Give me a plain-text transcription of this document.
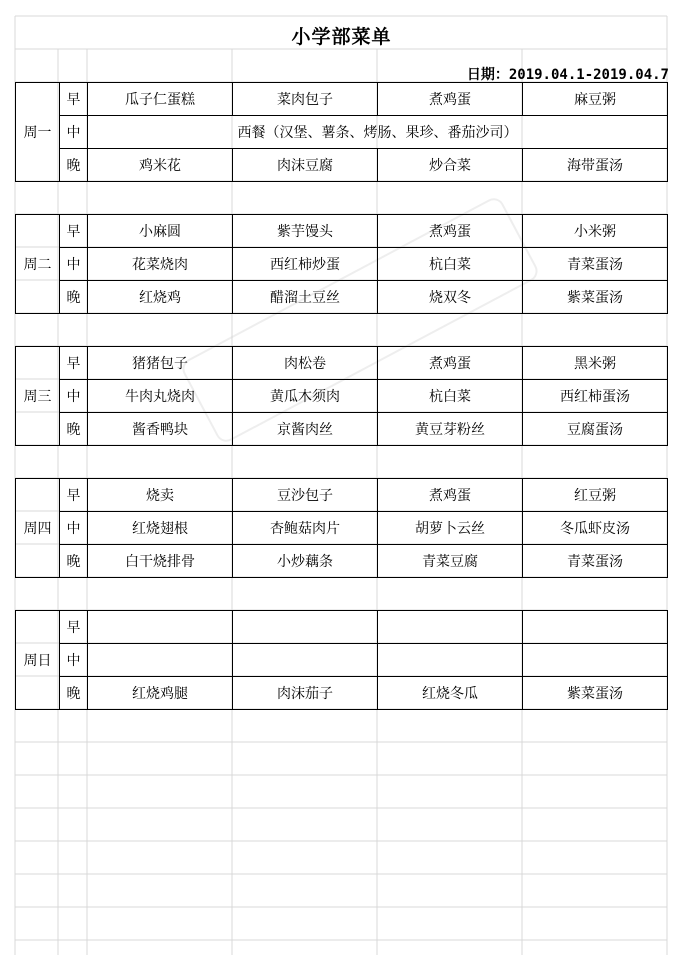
小学部菜单
日期：2019.04.1-2019.04.7
周一	早	瓜子仁蛋糕	菜肉包子	煮鸡蛋	麻豆粥
	中	西餐（汉堡、薯条、烤肠、果珍、番茄沙司）			
	晚	鸡米花	肉沫豆腐	炒合菜	海带蛋汤
周二	早	小麻圆	紫芋馒头	煮鸡蛋	小米粥
	中	花菜烧肉	西红柿炒蛋	杭白菜	青菜蛋汤
	晚	红烧鸡	醋溜土豆丝	烧双冬	紫菜蛋汤
周三	早	猪猪包子	肉松卷	煮鸡蛋	黑米粥
	中	牛肉丸烧肉	黄瓜木须肉	杭白菜	西红柿蛋汤
	晚	酱香鸭块	京酱肉丝	黄豆芽粉丝	豆腐蛋汤
周四	早	烧卖	豆沙包子	煮鸡蛋	红豆粥
	中	红烧翅根	杏鲍菇肉片	胡萝卜云丝	冬瓜虾皮汤
	晚	白干烧排骨	小炒藕条	青菜豆腐	青菜蛋汤
周日	早				
	中				
	晚	红烧鸡腿	肉沫茄子	红烧冬瓜	紫菜蛋汤
